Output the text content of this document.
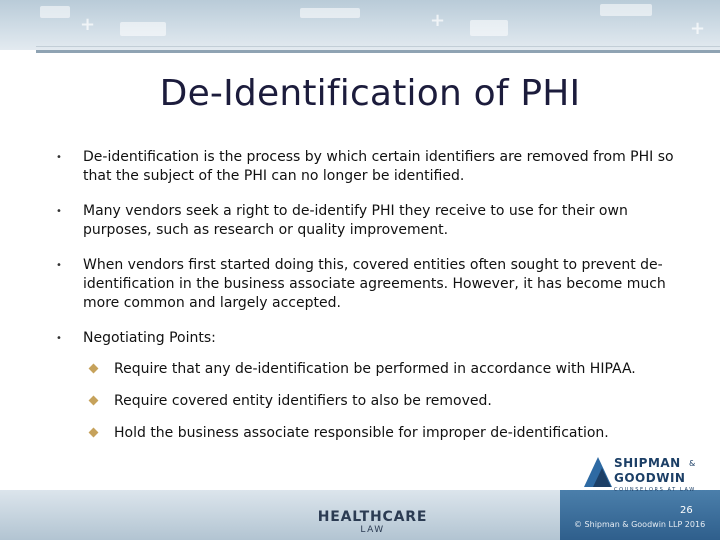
+	+	+
De-Identification of PHI
• De-identification is the process by which certain identifiers are removed from PHI so that the subject of the PHI can no longer be identified.
• Many vendors seek a right to de-identify PHI they receive to use for their own purposes, such as research or quality improvement.
• When vendors first started doing this, covered entities often sought to prevent de-identification in the business associate agreements. However, it has become much more common and largely accepted.
• Negotiating Points:
Require that any de-identification be performed in accordance with HIPAA.
Require covered entity identifiers to also be removed.
Hold the business associate responsible for improper de-identification.
SHIPMAN &
GOODWIN
COUNSELORS AT LAW
HEALTHCARE
LAW
26
© Shipman & Goodwin LLP 2016
